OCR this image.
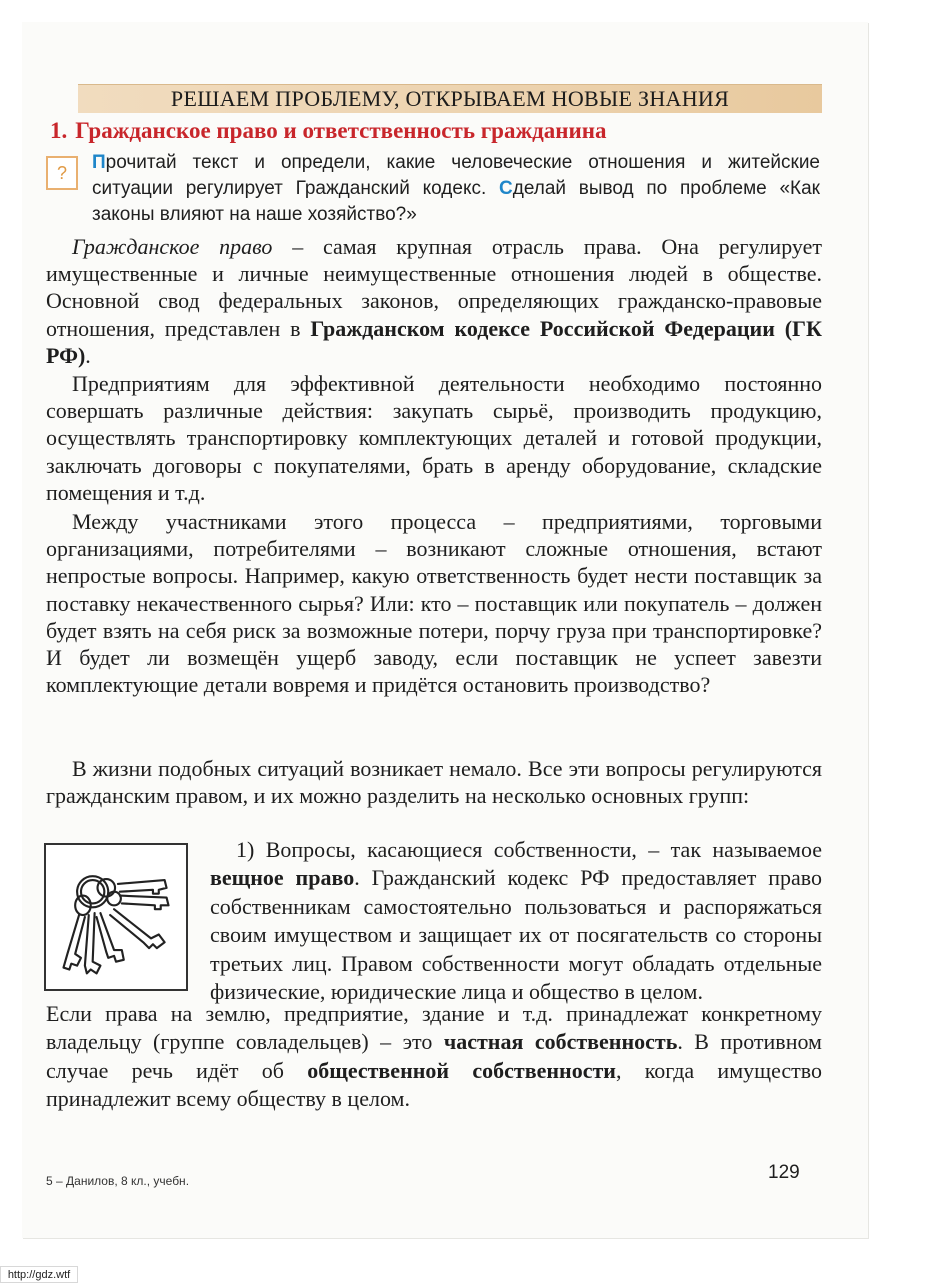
РЕШАЕМ ПРОБЛЕМУ, ОТКРЫВАЕМ НОВЫЕ ЗНАНИЯ
1. Гражданское право и ответственность гражданина
? Прочитай текст и определи, какие человеческие отношения и житейские ситуации регулирует Гражданский кодекс. Сделай вывод по проблеме «Как законы влияют на наше хозяйство?»

Гражданское право – самая крупная отрасль права. Она регулирует имущественные и личные неимущественные отношения людей в обществе. Основной свод федеральных законов, определяющих гражданско-правовые отношения, представлен в Гражданском кодексе Российской Федерации (ГК РФ).

Предприятиям для эффективной деятельности необходимо постоянно совершать различные действия: закупать сырьё, производить продукцию, осуществлять транспортировку комплектующих деталей и готовой продукции, заключать договоры с покупателями, брать в аренду оборудование, складские помещения и т.д.

Между участниками этого процесса – предприятиями, торговыми организациями, потребителями – возникают сложные отношения, встают непростые вопросы. Например, какую ответственность будет нести поставщик за поставку некачественного сырья? Или: кто – поставщик или покупатель – должен будет взять на себя риск за возможные потери, порчу груза при транспортировке? И будет ли возмещён ущерб заводу, если поставщик не успеет завезти комплектующие детали вовремя и придётся остановить производство?

В жизни подобных ситуаций возникает немало. Все эти вопросы регулируются гражданским правом, и их можно разделить на несколько основных групп:

1) Вопросы, касающиеся собственности, – так называемое вещное право. Гражданский кодекс РФ предоставляет право собственникам самостоятельно пользоваться и распоряжаться своим имуществом и защищает их от посягательств со стороны третьих лиц. Правом собственности могут обладать отдельные физические, юридические лица и общество в целом.

Если права на землю, предприятие, здание и т.д. принадлежат конкретному владельцу (группе совладельцев) – это частная собственность. В противном случае речь идёт об общественной собственности, когда имущество принадлежит всему обществу в целом.

5 – Данилов, 8 кл., учебн.	129
http://gdz.wtf
